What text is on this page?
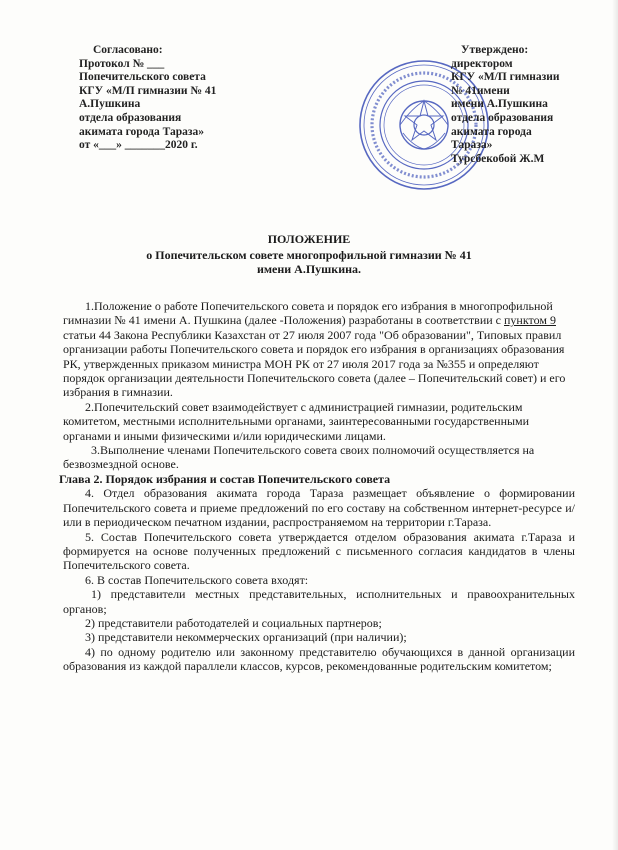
Согласовано:
Протокол № ___
Попечительского совета
КГУ «М/П гимназии № 41
А.Пушкина
отдела образования
акимата города Тараза»
от «___» _______2020 г.
Утверждено:
директором
КГУ «М/П гимназии
№ 41имени
имени А.Пушкина
отдела образования
акимата города
Тараза»
Турсбекобой Ж.М
ПОЛОЖЕНИЕ
о Попечительском совете многопрофильной гимназии № 41
имени А.Пушкина.

1.Положение о работе Попечительского совета и порядок его избрания в многопрофильной гимназии № 41 имени А. Пушкина (далее -Положения) разработаны в соответствии с пунктом 9 статьи 44 Закона Республики Казахстан от 27 июля 2007 года "Об образовании", Типовых правил организации работы Попечительского совета и порядок его избрания в организациях образования РК, утвержденных приказом министра МОН РК от 27 июля 2017 года за №355 и определяют порядок организации деятельности Попечительского совета (далее – Попечительский совет) и его избрания в гимназии.

2.Попечительский совет взаимодействует с администрацией гимназии, родительским комитетом, местными исполнительными органами, заинтересованными государственными органами и иными физическими и/или юридическими лицами.

3.Выполнение членами Попечительского совета своих полномочий осуществляется на безвозмездной основе.

Глава 2. Порядок избрания и состав Попечительского совета

4. Отдел образования акимата города Тараза размещает объявление о формировании Попечительского совета и приеме предложений по его составу на собственном интернет-ресурсе и/или в периодическом печатном издании, распространяемом на территории г.Тараза.

5. Состав Попечительского совета утверждается отделом образования акимата г.Тараза и формируется на основе полученных предложений с письменного согласия кандидатов в члены Попечительского совета.

6. В состав Попечительского совета входят:

1) представители местных представительных, исполнительных и правоохранительных органов;

2) представители работодателей и социальных партнеров;

3) представители некоммерческих организаций (при наличии);

4) по одному родителю или законному представителю обучающихся в данной организации образования из каждой параллели классов, курсов, рекомендованные родительским комитетом;
